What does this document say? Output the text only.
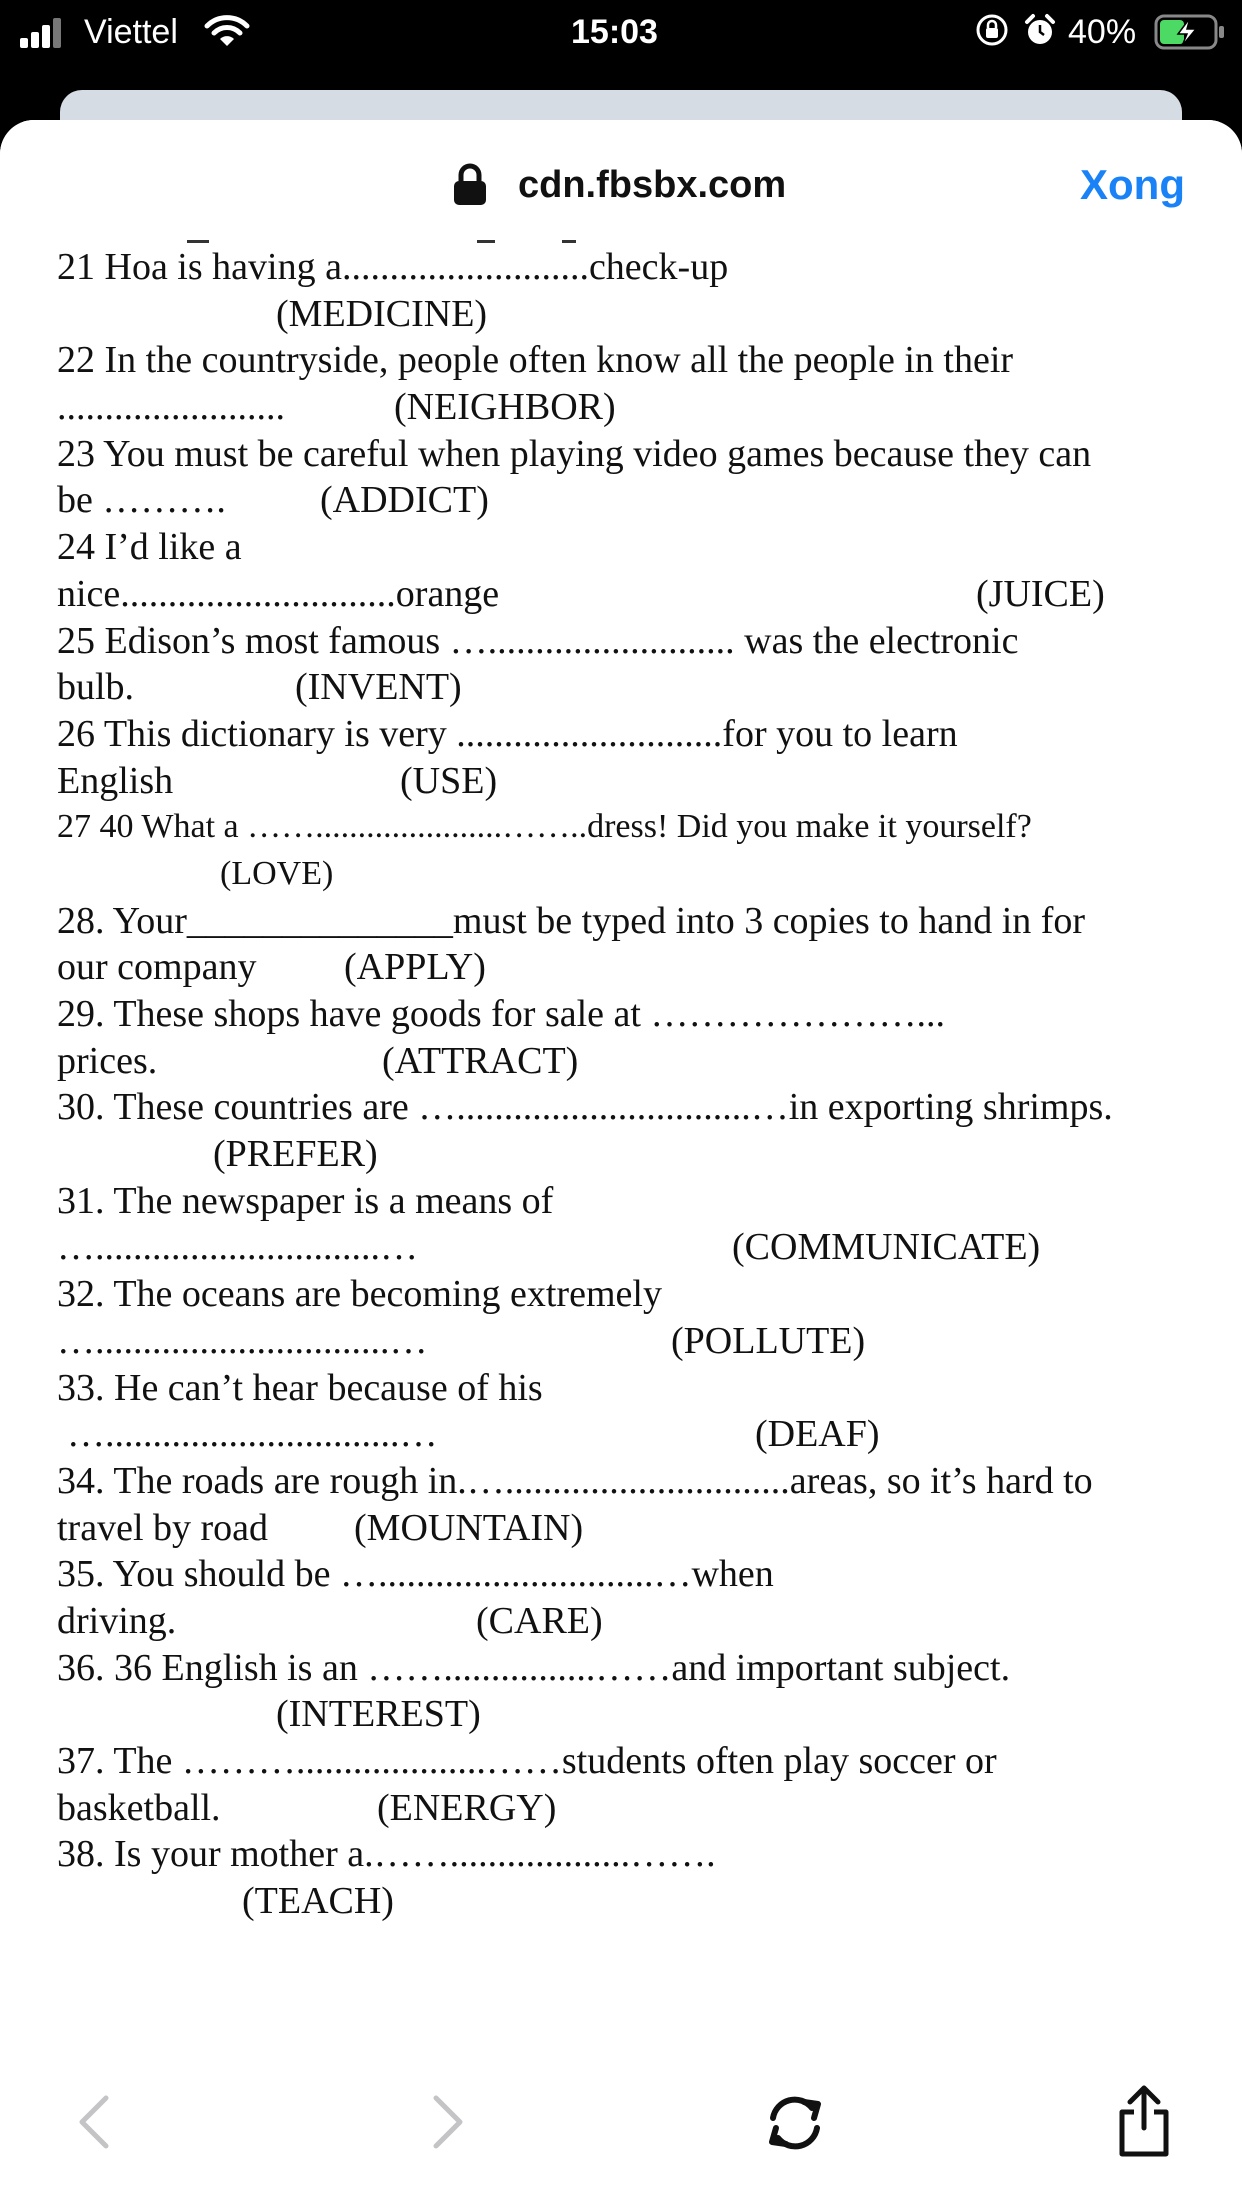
Viettel	15:03	40%
cdn.fbsbx.com	Xong
21 Hoa is having a..........................check-up
(MEDICINE)
22 In the countryside, people often know all the people in their
........................	(NEIGHBOR)
23 You must be careful when playing video games because they can
be ………. (ADDICT)
24 I’d like a
nice.............................orange	(JUICE)
25 Edison’s most famous ….......................... was the electronic
bulb.	(INVENT)
26 This dictionary is very ............................for you to learn
English	(USE)
27 40 What a ……......................……..dress! Did you make it yourself?
(LOVE)
28. Your______________must be typed into 3 copies to hand in for
our company (APPLY)
29. These shops have goods for sale at …………………...
prices.	(ATTRACT)
30. These countries are …...............................…in exporting shrimps.
(PREFER)
31. The newspaper is a means of
…..............................…	(COMMUNICATE)
32. The oceans are becoming extremely
…...............................…	(POLLUTE)
33. He can’t hear because of his
…...............................…	(DEAF)
34. The roads are rough in.…..............................areas, so it’s hard to
travel by road (MOUNTAIN)
35. You should be ….............................…when
driving.	(CARE)
36. 36 English is an ……................……and important subject.
(INTEREST)
37. The ………....................……students often play soccer or
basketball.	(ENERGY)
38. Is your mother a.……...................…….
(TEACH)
